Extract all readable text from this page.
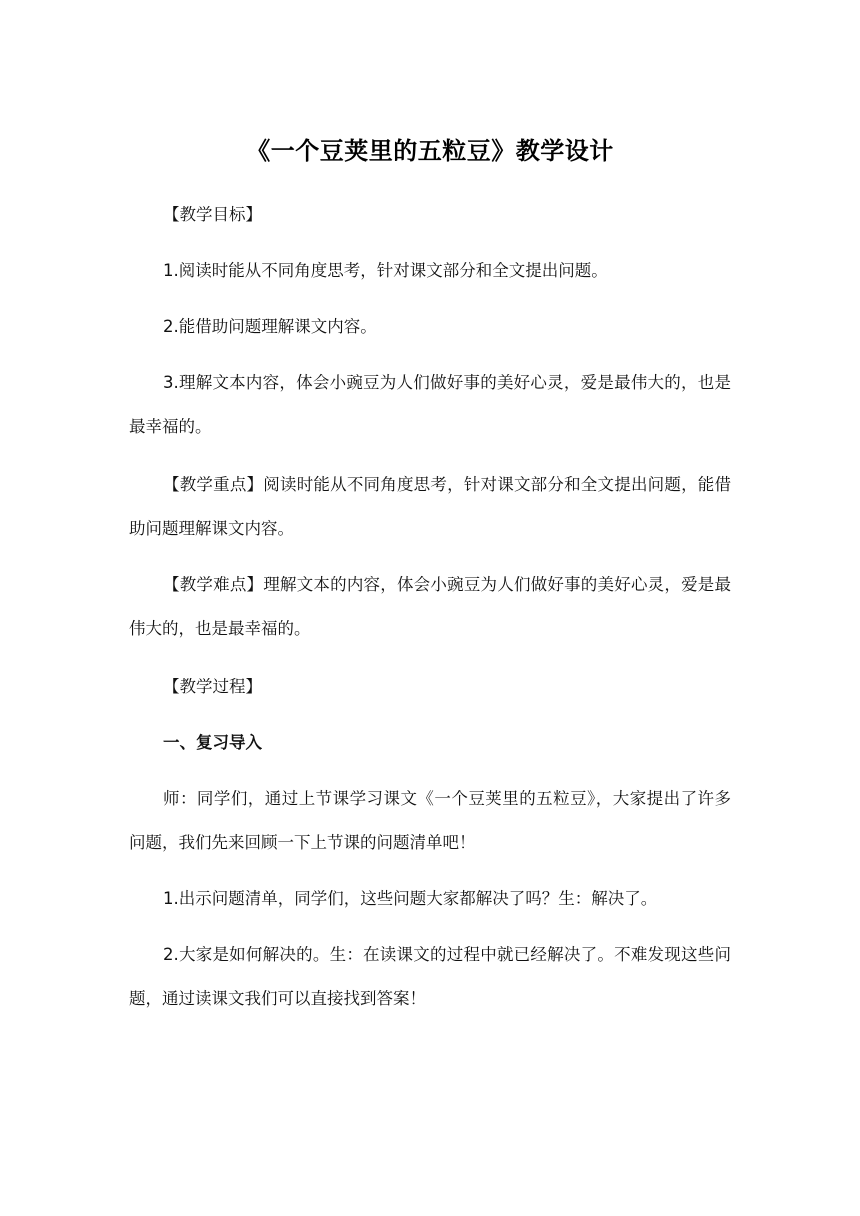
《一个豆荚里的五粒豆》教学设计
【教学目标】
1.阅读时能从不同角度思考，针对课文部分和全文提出问题。
2.能借助问题理解课文内容。
3.理解文本内容，体会小豌豆为人们做好事的美好心灵，爱是最伟大的，也是最幸福的。
【教学重点】阅读时能从不同角度思考，针对课文部分和全文提出问题，能借助问题理解课文内容。
【教学难点】理解文本的内容，体会小豌豆为人们做好事的美好心灵，爱是最伟大的，也是最幸福的。
【教学过程】
一、复习导入
师：同学们，通过上节课学习课文《一个豆荚里的五粒豆》，大家提出了许多问题，我们先来回顾一下上节课的问题清单吧！
1.出示问题清单，同学们，这些问题大家都解决了吗？生：解决了。
2.大家是如何解决的。生：在读课文的过程中就已经解决了。不难发现这些问题，通过读课文我们可以直接找到答案！
